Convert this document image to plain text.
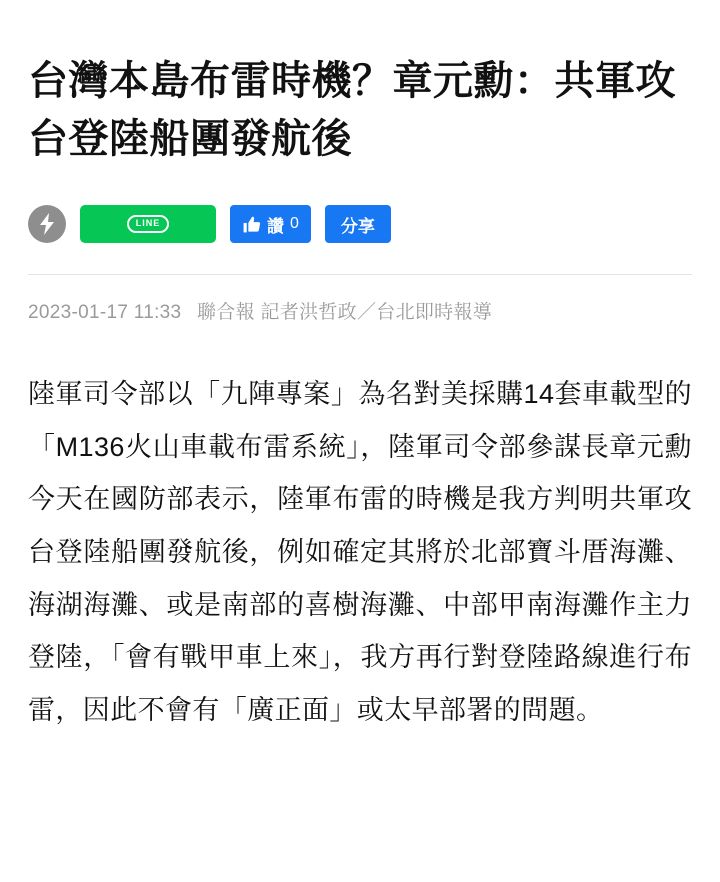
台灣本島布雷時機？章元勳：共軍攻台登陸船團發航後
LINE	讚 0 分享
2023-01-17 11:33 聯合報 記者洪哲政／台北即時報導

陸軍司令部以「九陣專案」為名對美採購14套車載型的「M136火山車載布雷系統」，陸軍司令部參謀長章元勳今天在國防部表示，陸軍布雷的時機是我方判明共軍攻台登陸船團發航後，例如確定其將於北部寶斗厝海灘、海湖海灘、或是南部的喜樹海灘、中部甲南海灘作主力登陸，「會有戰甲車上來」，我方再行對登陸路線進行布雷，因此不會有「廣正面」或太早部署的問題。
